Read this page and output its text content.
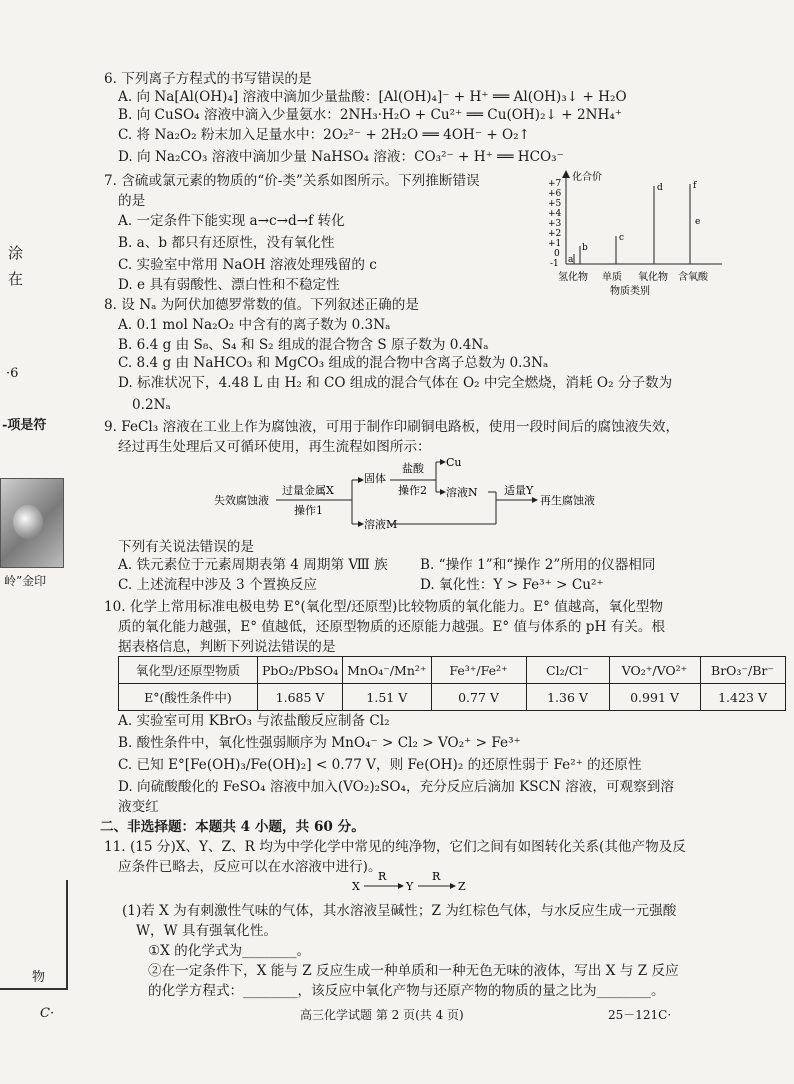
涂
在
·6
-项是符
岭”金印
物
C·
6. 下列离子方程式的书写错误的是
A. 向 Na[Al(OH)₄] 溶液中滴加少量盐酸：[Al(OH)₄]⁻ + H⁺ ══ Al(OH)₃↓ + H₂O
B. 向 CuSO₄ 溶液中滴入少量氨水：2NH₃·H₂O + Cu²⁺ ══ Cu(OH)₂↓ + 2NH₄⁺
C. 将 Na₂O₂ 粉末加入足量水中：2O₂²⁻ + 2H₂O ══ 4OH⁻ + O₂↑
D. 向 Na₂CO₃ 溶液中滴加少量 NaHSO₄ 溶液：CO₃²⁻ + H⁺ ══ HCO₃⁻
7. 含硫或氯元素的物质的“价-类”关系如图所示。下列推断错误
的是
A. 一定条件下能实现 a→c→d→f 转化
B. a、b 都只有还原性，没有氧化性
C. 实验室中常用 NaOH 溶液处理残留的 c
D. e 具有弱酸性、漂白性和不稳定性
+7
+6
+5
+4
+3
+2
+1
0
-1
化合价
a
b
c
d
e
f
氢化物 单质 氧化物 含氧酸
物质类别
8. 设 Nₐ 为阿伏加德罗常数的值。下列叙述正确的是
A. 0.1 mol Na₂O₂ 中含有的离子数为 0.3Nₐ
B. 6.4 g 由 S₈、S₄ 和 S₂ 组成的混合物含 S 原子数为 0.4Nₐ
C. 8.4 g 由 NaHCO₃ 和 MgCO₃ 组成的混合物中含离子总数为 0.3Nₐ
D. 标准状况下，4.48 L 由 H₂ 和 CO 组成的混合气体在 O₂ 中完全燃烧，消耗 O₂ 分子数为
0.2Nₐ
9. FeCl₃ 溶液在工业上作为腐蚀液，可用于制作印刷铜电路板，使用一段时间后的腐蚀液失效，
经过再生处理后又可循环使用，再生流程如图所示：
失效腐蚀液
过量金属X
操作1
固体
盐酸
操作2
Cu
溶液N
溶液M
适量Y
再生腐蚀液
下列有关说法错误的是
A. 铁元素位于元素周期表第 4 周期第 Ⅷ 族 B. “操作 1”和“操作 2”所用的仪器相同
C. 上述流程中涉及 3 个置换反应	D. 氧化性：Y > Fe³⁺ > Cu²⁺
10. 化学上常用标准电极电势 E°(氧化型/还原型)比较物质的氧化能力。E° 值越高，氧化型物
质的氧化能力越强，E° 值越低，还原型物质的还原能力越强。E° 值与体系的 pH 有关。根
据表格信息，判断下列说法错误的是
氧化型/还原型物质	PbO₂/PbSO₄	MnO₄⁻/Mn²⁺	Fe³⁺/Fe²⁺	Cl₂/Cl⁻	VO₂⁺/VO²⁺	BrO₃⁻/Br⁻
E°(酸性条件中)	1.685 V	1.51 V	0.77 V	1.36 V	0.991 V	1.423 V
A. 实验室可用 KBrO₃ 与浓盐酸反应制备 Cl₂
B. 酸性条件中，氧化性强弱顺序为 MnO₄⁻ > Cl₂ > VO₂⁺ > Fe³⁺
C. 已知 E°[Fe(OH)₃/Fe(OH)₂] < 0.77 V，则 Fe(OH)₂ 的还原性弱于 Fe²⁺ 的还原性
D. 向硫酸酸化的 FeSO₄ 溶液中加入(VO₂)₂SO₄，充分反应后滴加 KSCN 溶液，可观察到溶
液变红
二、非选择题：本题共 4 小题，共 60 分。
11. (15 分)X、Y、Z、R 均为中学化学中常见的纯净物，它们之间有如图转化关系(其他产物及反
应条件已略去，反应可以在水溶液中进行)。
X
R
Y
R
Z
(1)若 X 为有刺激性气味的气体，其水溶液呈碱性；Z 为红棕色气体，与水反应生成一元强酸
W，W 具有强氧化性。
①X 的化学式为________。
②在一定条件下，X 能与 Z 反应生成一种单质和一种无色无味的液体，写出 X 与 Z 反应
的化学方程式：________，该反应中氧化产物与还原产物的物质的量之比为________。
高三化学试题 第 2 页(共 4 页)	25－121C·
